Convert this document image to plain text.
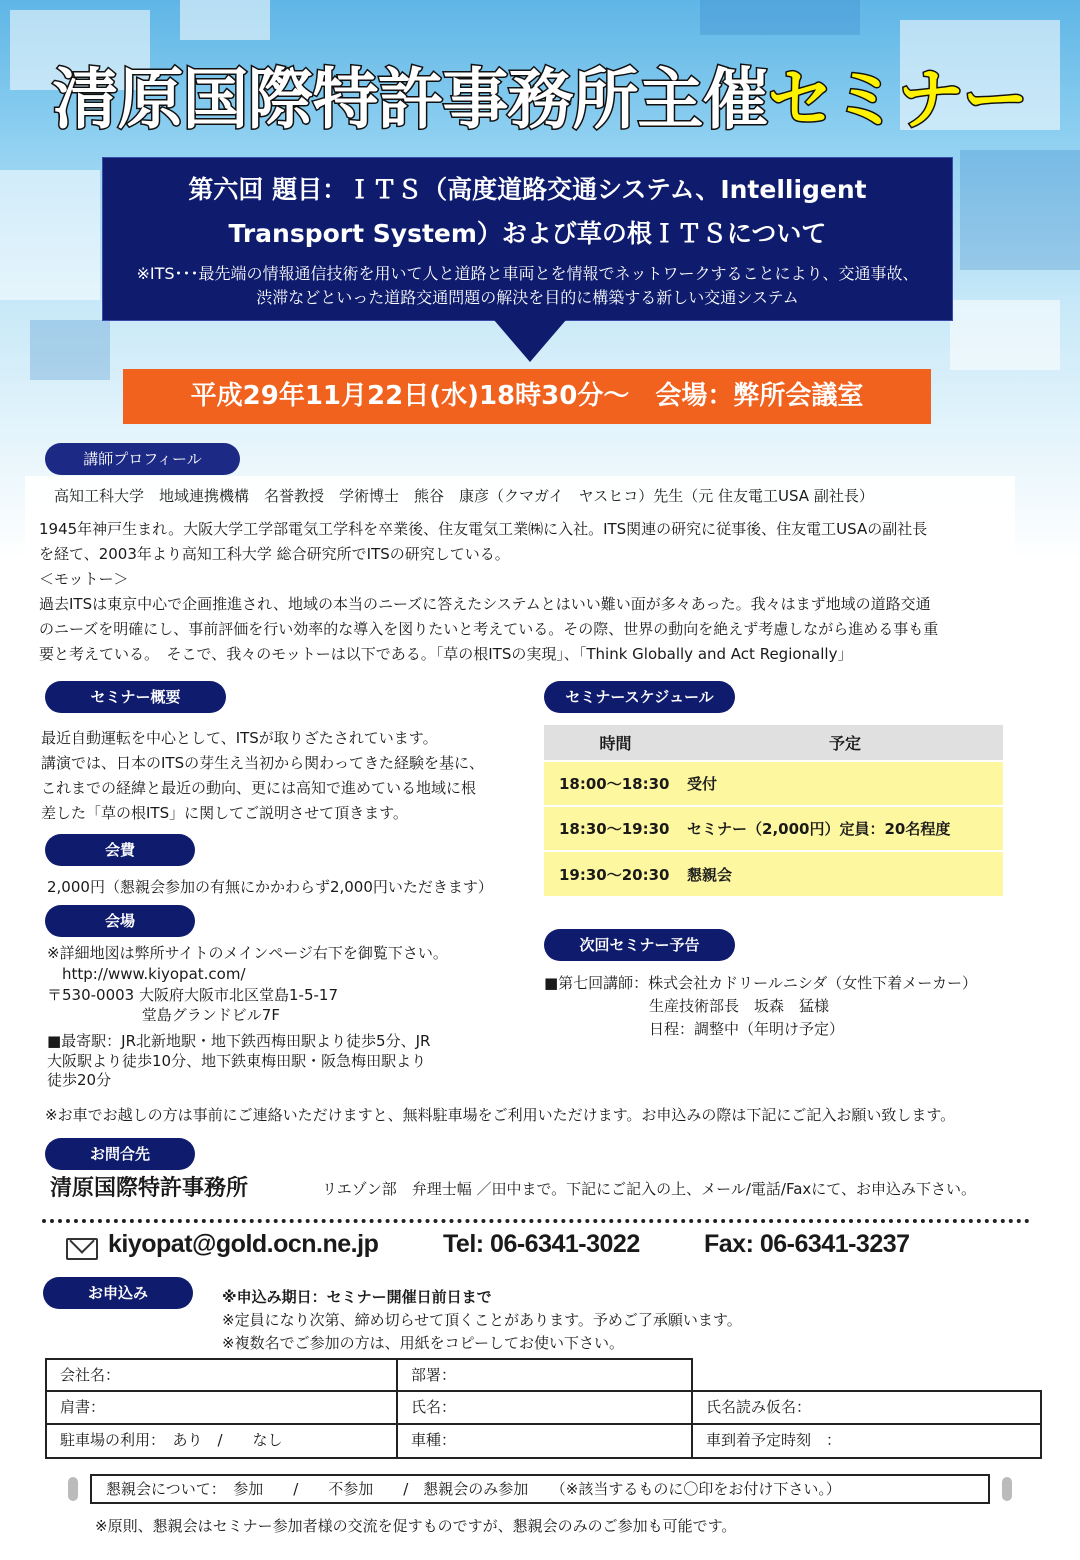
清原国際特許事務所主催セミナー
第六回 題目：ＩＴＳ（高度道路交通システム、Intelligent
Transport System）および草の根ＩＴＳについて
※ITS･･･最先端の情報通信技術を用いて人と道路と車両とを情報でネットワークすることにより、交通事故、
渋滞などといった道路交通問題の解決を目的に構築する新しい交通システム
平成29年11月22日(水)18時30分～　会場：弊所会議室
講師プロフィール
高知工科大学　地域連携機構　名誉教授　学術博士　熊谷　康彦（クマガイ　ヤスヒコ）先生（元 住友電工USA 副社長）
1945年神戸生まれ。大阪大学工学部電気工学科を卒業後、住友電気工業㈱に入社。ITS関連の研究に従事後、住友電工USAの副社長
を経て、2003年より高知工科大学 総合研究所でITSの研究している。
＜モットー＞
過去ITSは東京中心で企画推進され、地域の本当のニーズに答えたシステムとはいい難い面が多々あった。我々はまず地域の道路交通
のニーズを明確にし、事前評価を行い効率的な導入を図りたいと考えている。その際、世界の動向を絶えず考慮しながら進める事も重
要と考えている。　そこで、我々のモットーは以下である。「草の根ITSの実現」、「Think Globally and Act Regionally」
セミナー概要
最近自動運転を中心として、ITSが取りざたされています。
講演では、日本のITSの芽生え当初から関わってきた経験を基に、
これまでの経緯と最近の動向、更には高知で進めている地域に根
差した「草の根ITS」に関してご説明させて頂きます。
会費
2,000円（懇親会参加の有無にかかわらず2,000円いただきます）
会場
※詳細地図は弊所サイトのメインページ右下を御覧下さい。
　http://www.kiyopat.com/
〒530-0003 大阪府大阪市北区堂島1-5-17
　　　　　　 堂島グランドビル7F
■最寄駅：JR北新地駅・地下鉄西梅田駅より徒歩5分、JR
大阪駅より徒歩10分、地下鉄東梅田駅・阪急梅田駅より
徒歩20分
セミナースケジュール
時間	予定
18:00～18:30	受付
18:30～19:30	セミナー（2,000円）定員：20名程度
19:30～20:30	懇親会
次回セミナー予告
■第七回講師：株式会社カドリールニシダ（女性下着メーカー）
　　　　　　　生産技術部長　坂森　猛様
　　　　　　　日程：調整中（年明け予定）
※お車でお越しの方は事前にご連絡いただけますと、無料駐車場をご利用いただけます。お申込みの際は下記にご記入お願い致します。
お問合先
清原国際特許事務所	リエゾン部　弁理士幅 ／田中まで。下記にご記入の上、メール/電話/Faxにて、お申込み下さい。
kiyopat@gold.ocn.ne.jp	Tel: 06-6341-3022	Fax: 06-6341-3237
お申込み	※申込み期日：セミナー開催日前日まで
※定員になり次第、締め切らせて頂くことがあります。予めご了承願います。
※複数名でご参加の方は、用紙をコピーしてお使い下さい。
会社名：	部署：
肩書：	氏名：	氏名読み仮名：
駐車場の利用：　あり　/　　なし	車種：	車到着予定時刻　：
懇親会について：　参加　　/　　不参加　　/　懇親会のみ参加　　（※該当するものに〇印をお付け下さい。）
※原則、懇親会はセミナー参加者様の交流を促すものですが、懇親会のみのご参加も可能です。
